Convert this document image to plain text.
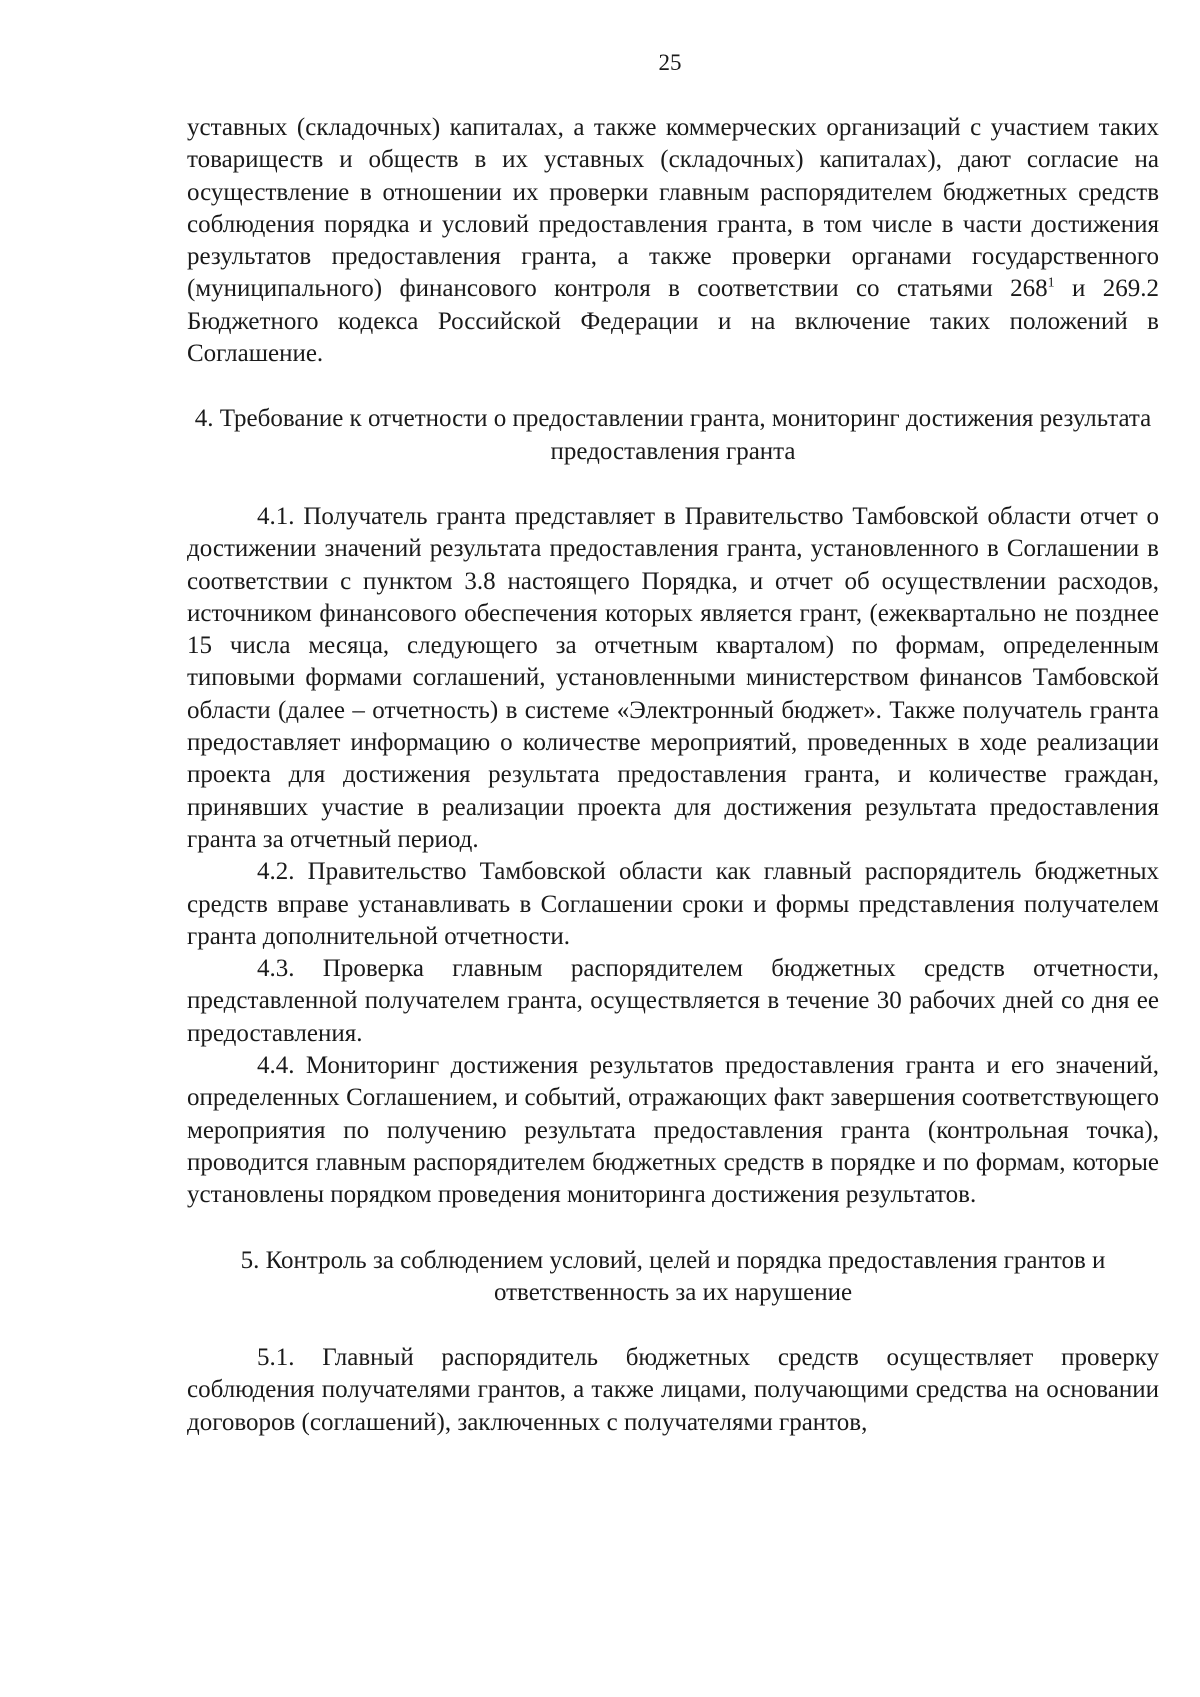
25

уставных (складочных) капиталах, а также коммерческих организаций с участием таких товариществ и обществ в их уставных (складочных) капиталах), дают согласие на осуществление в отношении их проверки главным распорядителем бюджетных средств соблюдения порядка и условий предоставления гранта, в том числе в части достижения результатов предоставления гранта, а также проверки органами государственного (муниципального) финансового контроля в соответствии со статьями $268^1$ и 269.2 Бюджетного кодекса Российской Федерации и на включение таких положений в Соглашение.

4. Требование к отчетности о предоставлении гранта, мониторинг достижения результата предоставления гранта

4.1. Получатель гранта представляет в Правительство Тамбовской области отчет о достижении значений результата предоставления гранта, установленного в Соглашении в соответствии с пунктом 3.8 настоящего Порядка, и отчет об осуществлении расходов, источником финансового обеспечения которых является грант, (ежеквартально не позднее 15 числа месяца, следующего за отчетным кварталом) по формам, определенным типовыми формами соглашений, установленными министерством финансов Тамбовской области (далее – отчетность) в системе «Электронный бюджет». Также получатель гранта предоставляет информацию о количестве мероприятий, проведенных в ходе реализации проекта для достижения результата предоставления гранта, и количестве граждан, принявших участие в реализации проекта для достижения результата предоставления гранта за отчетный период.

4.2. Правительство Тамбовской области как главный распорядитель бюджетных средств вправе устанавливать в Соглашении сроки и формы представления получателем гранта дополнительной отчетности.

4.3. Проверка главным распорядителем бюджетных средств отчетности, представленной получателем гранта, осуществляется в течение 30 рабочих дней со дня ее предоставления.

4.4. Мониторинг достижения результатов предоставления гранта и его значений, определенных Соглашением, и событий, отражающих факт завершения соответствующего мероприятия по получению результата предоставления гранта (контрольная точка), проводится главным распорядителем бюджетных средств в порядке и по формам, которые установлены порядком проведения мониторинга достижения результатов.

5. Контроль за соблюдением условий, целей и порядка предоставления грантов и ответственность за их нарушение

5.1. Главный распорядитель бюджетных средств осуществляет проверку соблюдения получателями грантов, а также лицами, получающими средства на основании договоров (соглашений), заключенных с получателями грантов,
